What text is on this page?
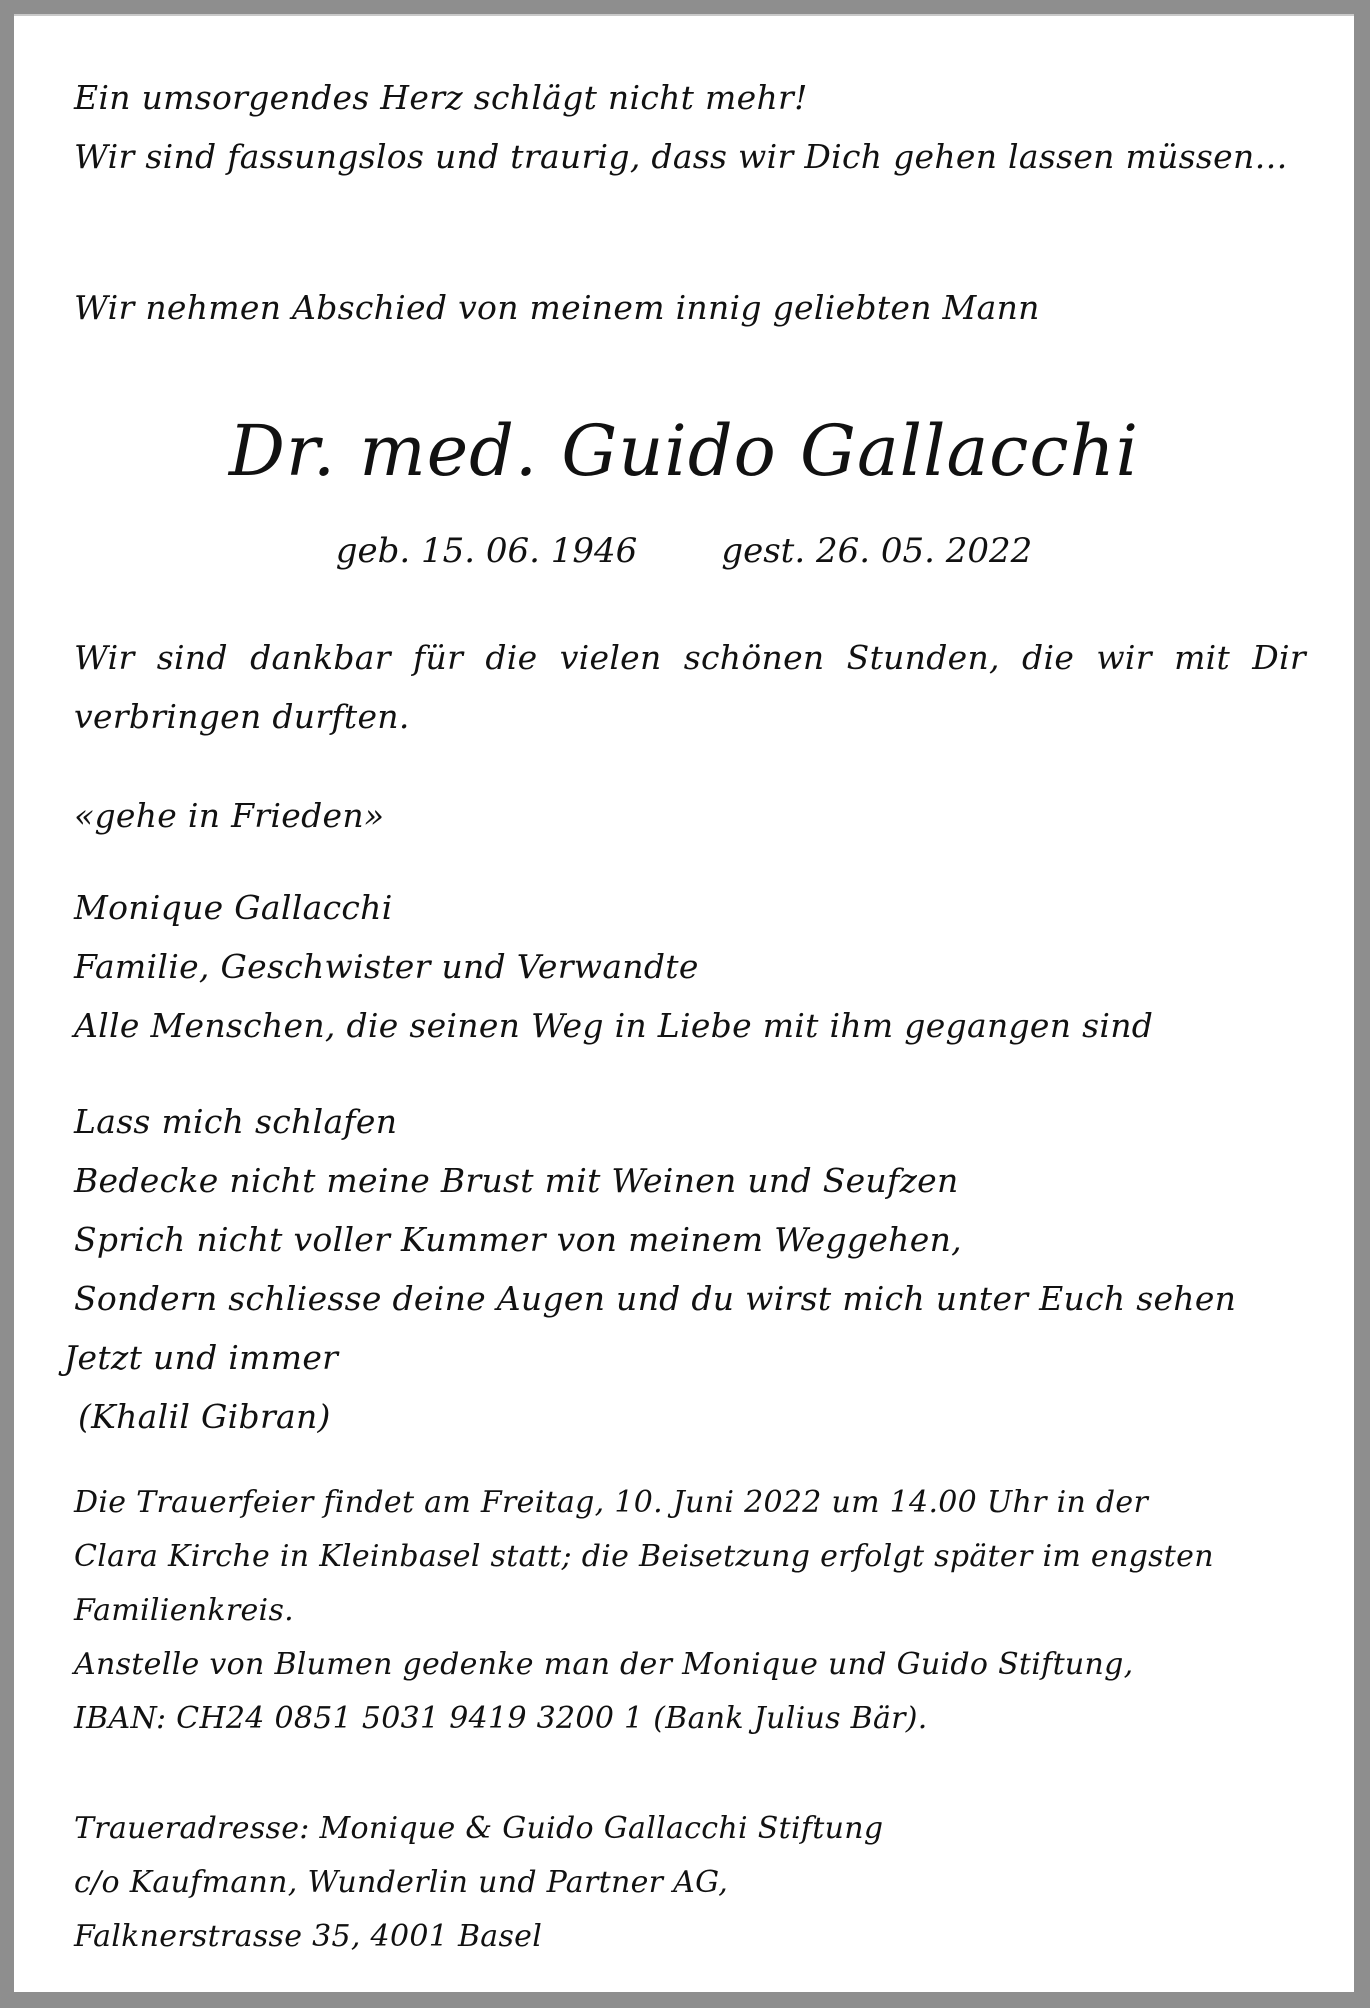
Ein umsorgendes Herz schlägt nicht mehr!

Wir sind fassungslos und traurig, dass wir Dich gehen lassen müssen…

Wir nehmen Abschied von meinem innig geliebten Mann
Dr. med. Guido Gallacchi
geb. 15. 06. 1946 gest. 26. 05. 2022
Wir sind dankbar für die vielen schönen Stunden, die wir mit Dir verbringen durften.
«gehe in Frieden»

Monique Gallacchi

Familie, Geschwister und Verwandte

Alle Menschen, die seinen Weg in Liebe mit ihm gegangen sind

Lass mich schlafen

Bedecke nicht meine Brust mit Weinen und Seufzen

Sprich nicht voller Kummer von meinem Weggehen,

Sondern schliesse deine Augen und du wirst mich unter Euch sehen

Jetzt und immer

(Khalil Gibran)

Die Trauerfeier findet am Freitag, 10. Juni 2022 um 14.00 Uhr in der

Clara Kirche in Kleinbasel statt; die Beisetzung erfolgt später im engsten

Familienkreis.

Anstelle von Blumen gedenke man der Monique und Guido Stiftung,

IBAN: CH24 0851 5031 9419 3200 1 (Bank Julius Bär).

Traueradresse: Monique & Guido Gallacchi Stiftung

c/o Kaufmann, Wunderlin und Partner AG,

Falknerstrasse 35, 4001 Basel
